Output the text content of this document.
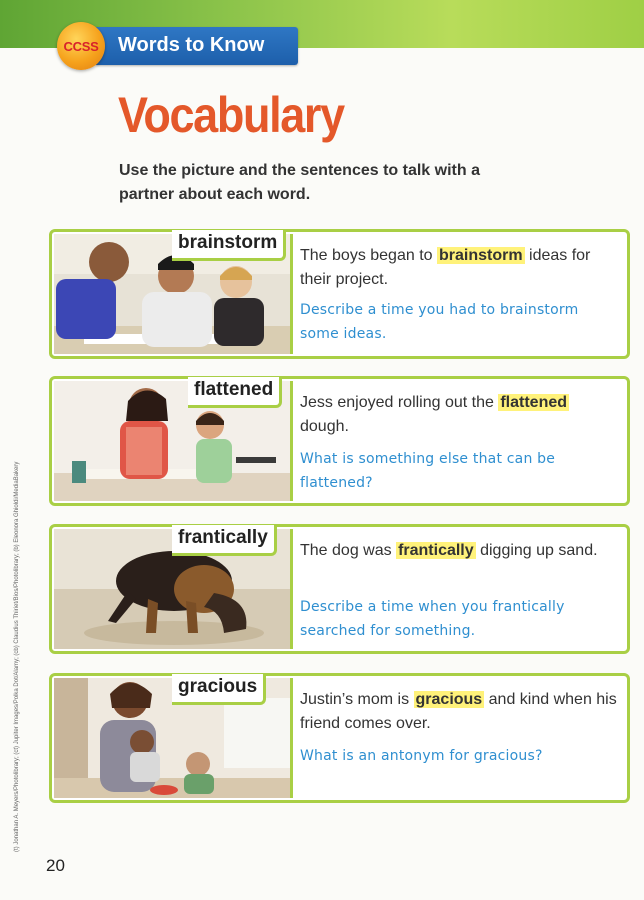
CCSS Words to Know
Vocabulary

Use the picture and the sentences to talk with a partner about each word.

brainstorm

The boys began to brainstorm ideas for their project.

Describe a time you had to brainstorm some ideas.

flattened

Jess enjoyed rolling out the flattened dough.

What is something else that can be flattened?

frantically

The dog was frantically digging up sand.

Describe a time when you frantically searched for something.

gracious

Justin’s mom is gracious and kind when his friend comes over.

What is an antonym for gracious?

(t) Jonathan A. Meyers/Photolibrary; (ct) Jupiter Images/Polka Dot/Alamy; (cb) Claudius Thiriet/Bios/Photolibrary; (b) Eleonora Ghioldi/MediaBakery
20
